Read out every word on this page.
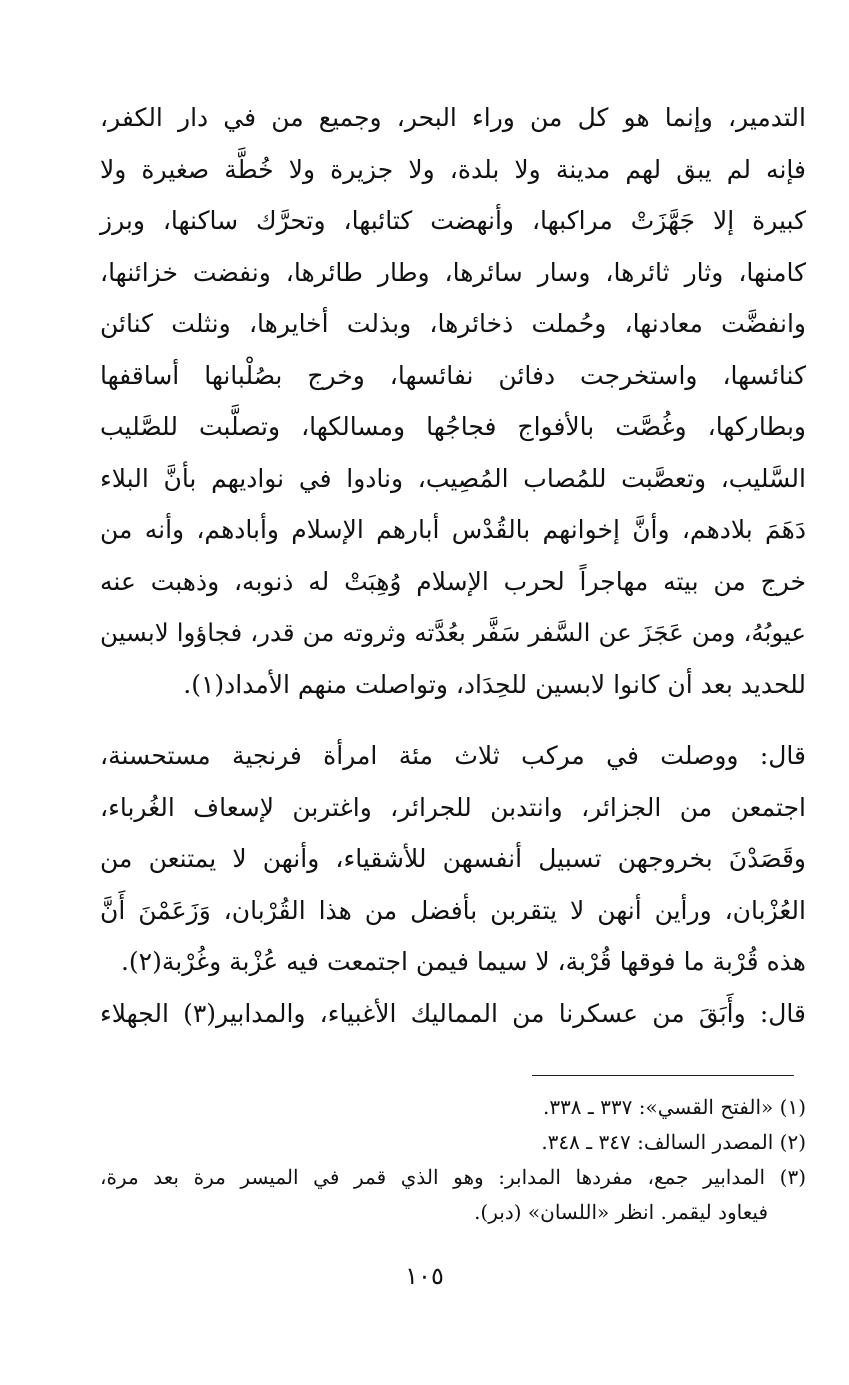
التدمير، وإنما هو كل من وراء البحر، وجميع من في دار الكفر،
فإنه لم يبق لهم مدينة ولا بلدة، ولا جزيرة ولا خُطَّة صغيرة ولا
كبيرة إلا جَهَّزَتْ مراكبها، وأنهضت كتائبها، وتحرَّك ساكنها، وبرز
كامنها، وثار ثائرها، وسار سائرها، وطار طائرها، ونفضت خزائنها،
وانفضَّت معادنها، وحُملت ذخائرها، وبذلت أخايرها، ونثلت كنائن
كنائسها، واستخرجت دفائن نفائسها، وخرج بصُلْبانها أساقفها
وبطاركها، وغُصَّت بالأفواج فجاجُها ومسالكها، وتصلَّبت للصَّليب
السَّليب، وتعصَّبت للمُصاب المُصِيب، ونادوا في نواديهم بأنَّ البلاء
دَهَمَ بلادهم، وأنَّ إخوانهم بالقُدْس أبارهم الإسلام وأبادهم، وأنه من
خرج من بيته مهاجراً لحرب الإسلام وُهِبَتْ له ذنوبه، وذهبت عنه
عيوبُهُ، ومن عَجَزَ عن السَّفر سَفَّر بعُدَّته وثروته من قدر، فجاؤوا لابسين
للحديد بعد أن كانوا لابسين للحِدَاد، وتواصلت منهم الأمداد(١).
قال: ووصلت في مركب ثلاث مئة امرأة فرنجية مستحسنة،
اجتمعن من الجزائر، وانتدبن للجرائر، واغتربن لإسعاف الغُرباء،
وقَصَدْنَ بخروجهن تسبيل أنفسهن للأشقياء، وأنهن لا يمتنعن من
العُزْبان، ورأين أنهن لا يتقربن بأفضل من هذا القُرْبان، وَزَعَمْنَ أَنَّ
هذه قُرْبة ما فوقها قُرْبة، لا سيما فيمن اجتمعت فيه عُزْبة وغُرْبة(٢).
قال: وأَبَقَ من عسكرنا من المماليك الأغبياء، والمدابير(٣) الجهلاء
(١) «الفتح القسي»: ٣٣٧ ـ ٣٣٨.
(٢) المصدر السالف: ٣٤٧ ـ ٣٤٨.
(٣) المدابير جمع، مفردها المدابر: وهو الذي قمر في الميسر مرة بعد مرة،
فيعاود ليقمر. انظر «اللسان» (دبر).
١٠٥
